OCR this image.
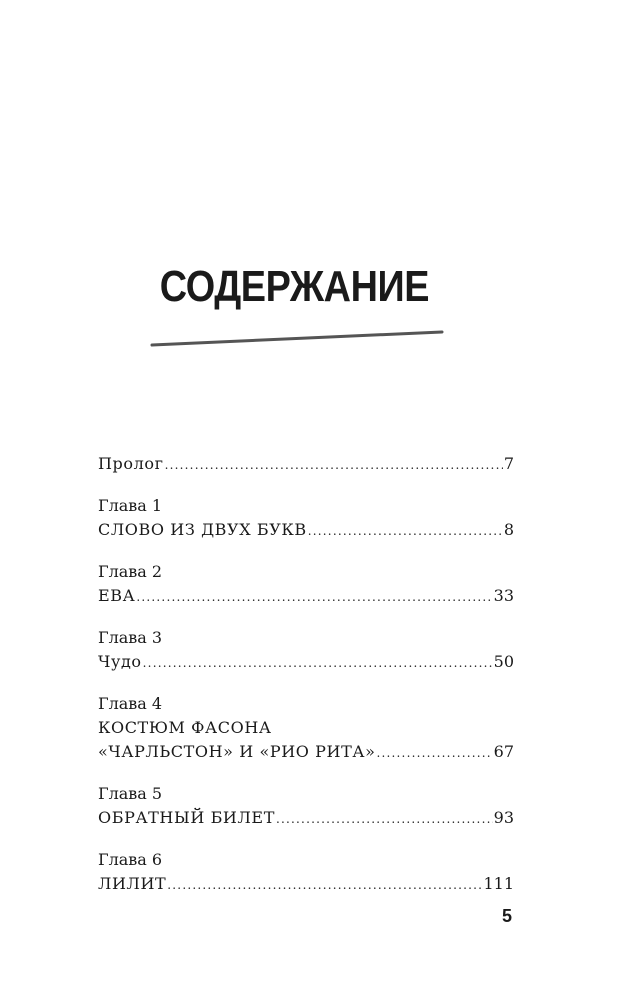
СОДЕРЖАНИЕ
Пролог .....	7
Глава 1
СЛОВО ИЗ ДВУХ БУКВ .....	8
Глава 2
ЕВА .....	33
Глава 3
Чудо .....	50
Глава 4
КОСТЮМ ФАСОНА
«ЧАРЛЬСТОН» И «РИО РИТА» .....	67
Глава 5
ОБРАТНЫЙ БИЛЕТ .....	93
Глава 6
ЛИЛИТ .....	111
5
